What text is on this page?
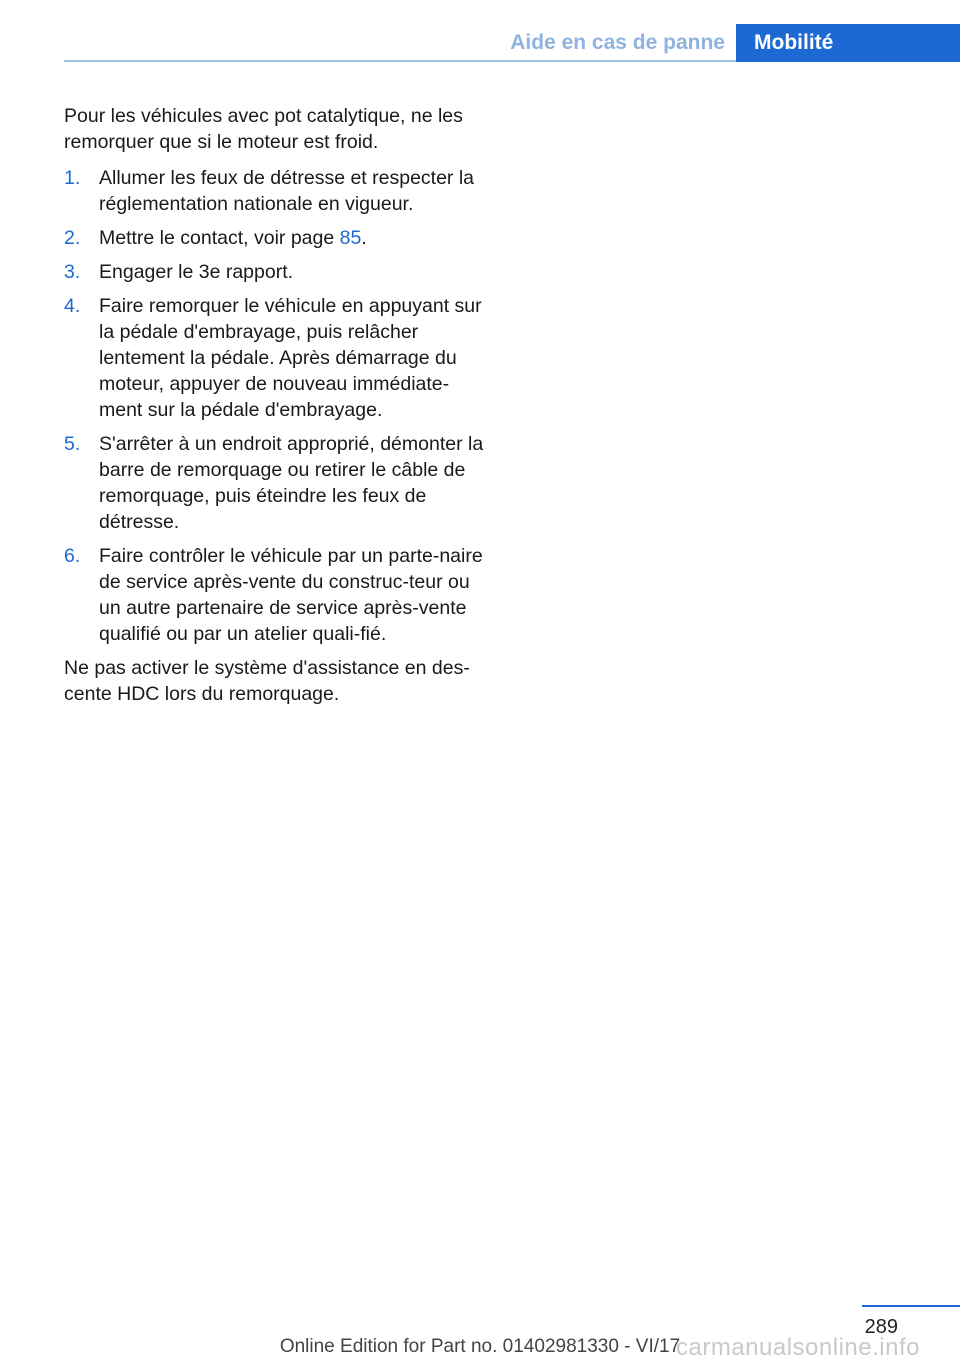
Aide en cas de panne	Mobilité

Pour les véhicules avec pot catalytique, ne les remorquer que si le moteur est froid.

1. Allumer les feux de détresse et respecter la réglementation nationale en vigueur.
2. Mettre le contact, voir page 85.
3. Engager le 3e rapport.
4. Faire remorquer le véhicule en appuyant sur la pédale d'embrayage, puis relâcher lentement la pédale. Après démarrage du moteur, appuyer de nouveau immédiate-ment sur la pédale d'embrayage.
5. S'arrêter à un endroit approprié, démonter la barre de remorquage ou retirer le câble de remorquage, puis éteindre les feux de détresse.
6. Faire contrôler le véhicule par un parte-naire de service après-vente du construc-teur ou un autre partenaire de service après-vente qualifié ou par un atelier quali-fié.

Ne pas activer le système d'assistance en des-cente HDC lors du remorquage.

289
Online Edition for Part no. 01402981330 - VI/17
carmanualsonline.info
